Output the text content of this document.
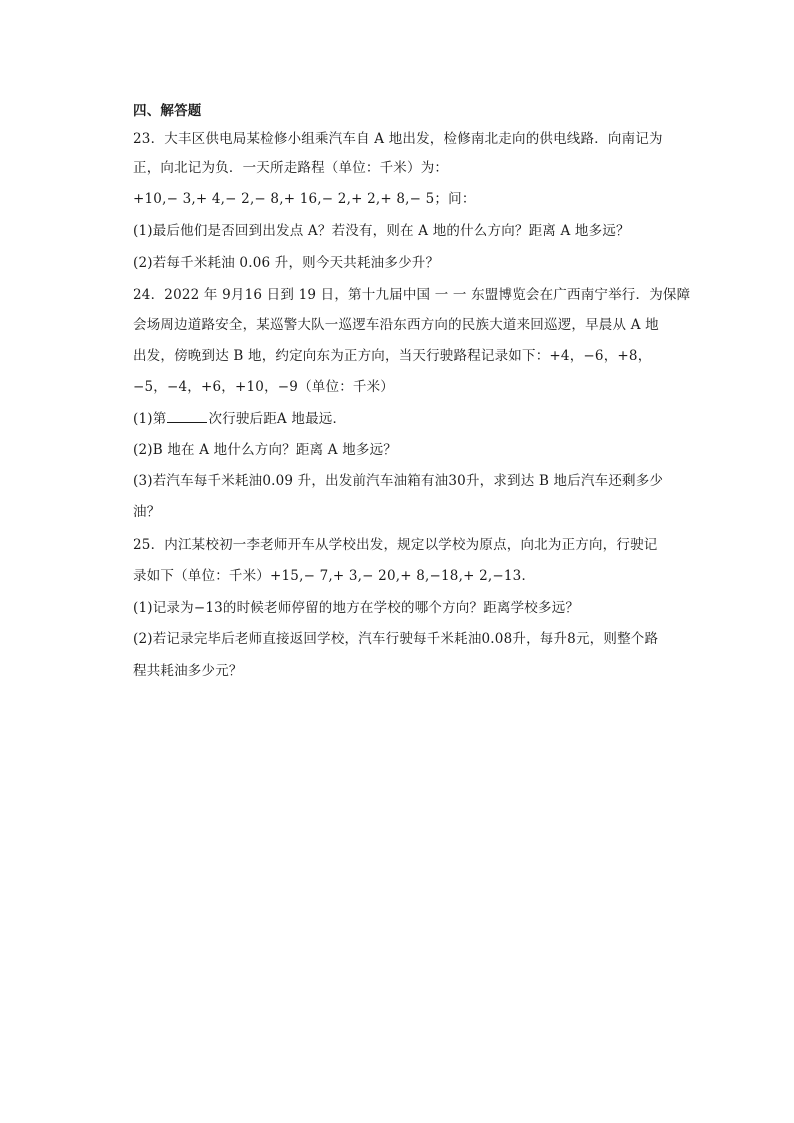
四、解答题
23．大丰区供电局某检修小组乘汽车自 A 地出发，检修南北走向的供电线路．向南记为
正，向北记为负．一天所走路程（单位：千米）为：
+10,− 3,+ 4,− 2,− 8,+ 16,− 2,+ 2,+ 8,− 5；问：
(1)最后他们是否回到出发点 A？若没有，则在 A 地的什么方向？距离 A 地多远？
(2)若每千米耗油 0.06 升，则今天共耗油多少升？
24．2022 年 9月16 日到 19 日，第十九届中国 一 一 东盟博览会在广西南宁举行．为保障
会场周边道路安全，某巡警大队一巡逻车沿东西方向的民族大道来回巡逻，早晨从 A 地
出发，傍晚到达 B 地，约定向东为正方向，当天行驶路程记录如下：+4，−6，+8，
−5，−4，+6，+10，−9（单位：千米）
(1)第	次行驶后距A 地最远．
(2)B 地在 A 地什么方向？距离 A 地多远？
(3)若汽车每千米耗油0.09 升，出发前汽车油箱有油30升，求到达 B 地后汽车还剩多少
油？
25．内江某校初一李老师开车从学校出发，规定以学校为原点，向北为正方向，行驶记
录如下（单位：千米）+15,− 7,+ 3,− 20,+ 8,−18,+ 2,−13．
(1)记录为−13的时候老师停留的地方在学校的哪个方向？距离学校多远？
(2)若记录完毕后老师直接返回学校，汽车行驶每千米耗油0.08升，每升8元，则整个路
程共耗油多少元？
